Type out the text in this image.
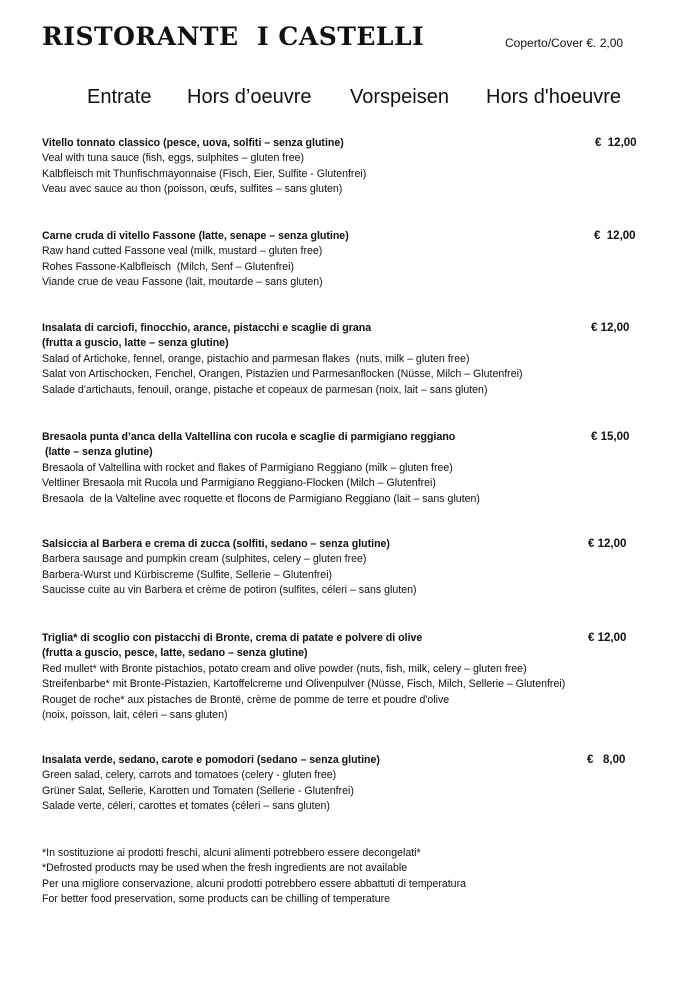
RISTORANTE  I CASTELLI	Coperto/Cover €. 2,00
Entrate Hors d’oeuvre Vorspeisen Hors d'hoeuvre
Vitello tonnato classico (pesce, uova, solfiti – senza glutine)
Veal with tuna sauce (fish, eggs, sulphites – gluten free)
Kalbfleisch mit Thunfischmayonnaise (Fisch, Eier, Sulfite - Glutenfrei)
Veau avec sauce au thon (poisson, œufs, sulfites – sans gluten)
€  12,00
Carne cruda di vitello Fassone (latte, senape – senza glutine)
Raw hand cutted Fassone veal (milk, mustard – gluten free)
Rohes Fassone-Kalbfleisch  (Milch, Senf – Glutenfrei)
Viande crue de veau Fassone (lait, moutarde – sans gluten)
€  12,00
Insalata di carciofi, finocchio, arance, pistacchi e scaglie di grana
(frutta a guscio, latte – senza glutine)
Salad of Artichoke, fennel, orange, pistachio and parmesan flakes  (nuts, milk – gluten free)
Salat von Artischocken, Fenchel, Orangen, Pistazien und Parmesanflocken (Nüsse, Milch – Glutenfrei)
Salade d'artichauts, fenouil, orange, pistache et copeaux de parmesan (noix, lait – sans gluten)
€ 12,00
Bresaola punta d’anca della Valtellina con rucola e scaglie di parmigiano reggiano
(latte – senza glutine)
Bresaola of Valtellina with rocket and flakes of Parmigiano Reggiano (milk – gluten free)
Veltliner Bresaola mit Rucola und Parmigiano Reggiano-Flocken (Milch – Glutenfrei)
Bresaola  de la Valteline avec roquette et flocons de Parmigiano Reggiano (lait – sans gluten)
€ 15,00
Salsiccia al Barbera e crema di zucca (solfiti, sedano – senza glutine)
Barbera sausage and pumpkin cream (sulphites, celery – gluten free)
Barbera-Wurst und Kürbiscreme (Sulfite, Sellerie – Glutenfrei)
Saucisse cuite au vin Barbera et crème de potiron (sulfites, céleri – sans gluten)
€ 12,00
Triglia* di scoglio con pistacchi di Bronte, crema di patate e polvere di olive
(frutta a guscio, pesce, latte, sedano – senza glutine)
Red mullet* with Bronte pistachios, potato cream and olive powder (nuts, fish, milk, celery – gluten free)
Streifenbarbe* mit Bronte-Pistazien, Kartoffelcreme und Olivenpulver (Nüsse, Fisch, Milch, Sellerie – Glutenfrei)
Rouget de roche* aux pistaches de Brontë, crème de pomme de terre et poudre d'olive
(noix, poisson, lait, céleri – sans gluten)
€ 12,00
Insalata verde, sedano, carote e pomodori (sedano – senza glutine)
Green salad, celery, carrots and tomatoes (celery - gluten free)
Grüner Salat, Sellerie, Karotten und Tomaten (Sellerie - Glutenfrei)
Salade verte, céleri, carottes et tomates (céleri – sans gluten)
€   8,00
*In sostituzione ai prodotti freschi, alcuni alimenti potrebbero essere decongelati*
*Defrosted products may be used when the fresh ingredients are not available
Per una migliore conservazione, alcuni prodotti potrebbero essere abbattuti di temperatura
For better food preservation, some products can be chilling of temperature
